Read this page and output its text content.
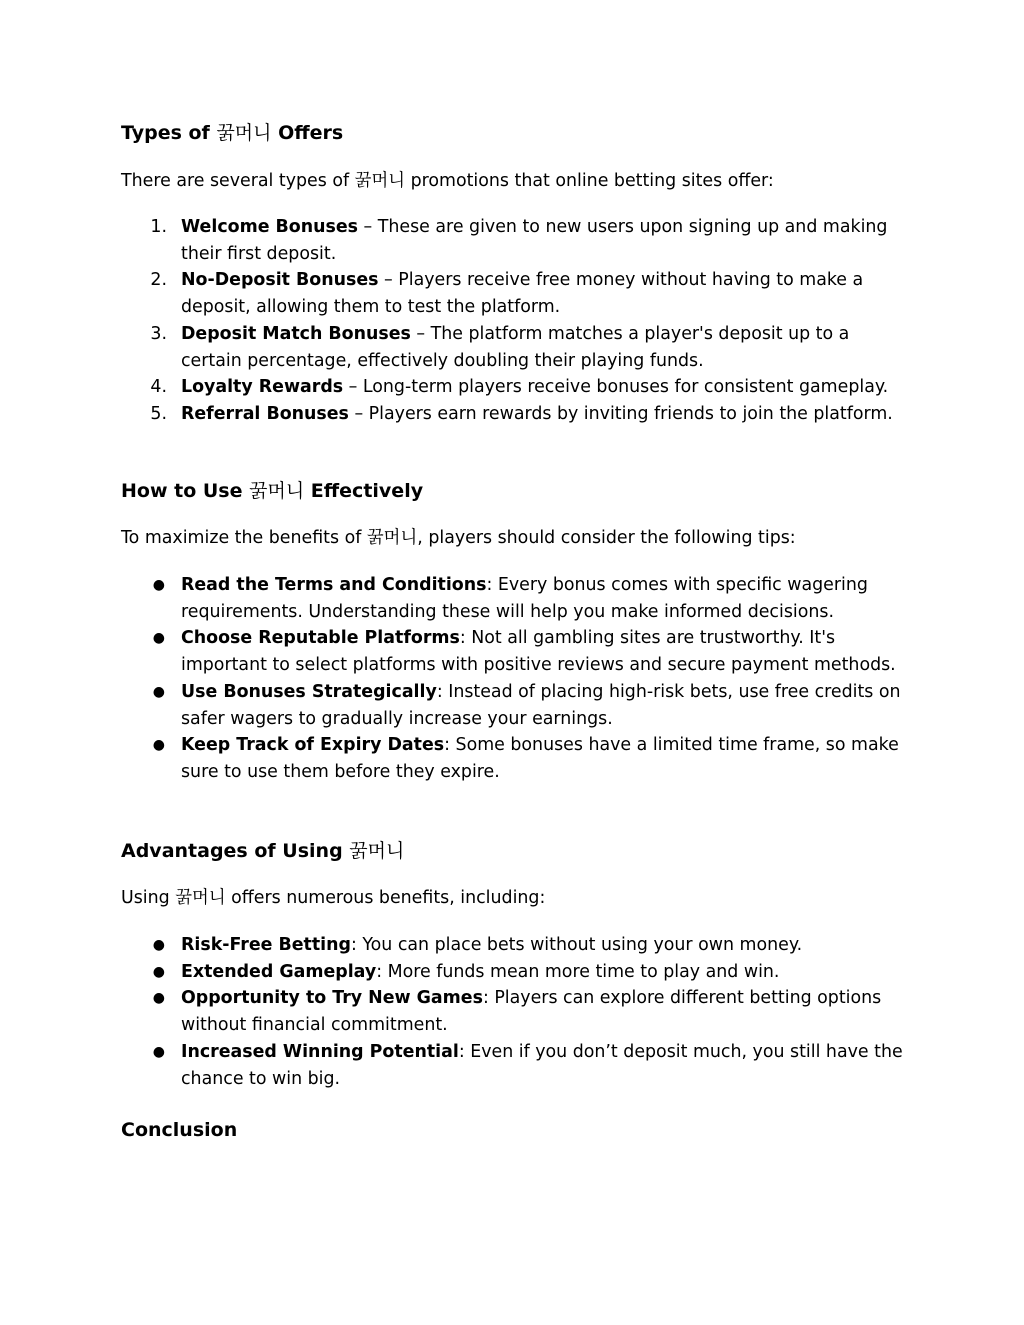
Types of 꿁머니 Offers

There are several types of 꿁머니 promotions that online betting sites offer:

1. Welcome Bonuses – These are given to new users upon signing up and making their first deposit.
2. No-Deposit Bonuses – Players receive free money without having to make a deposit, allowing them to test the platform.
3. Deposit Match Bonuses – The platform matches a player's deposit up to a certain percentage, effectively doubling their playing funds.
4. Loyalty Rewards – Long-term players receive bonuses for consistent gameplay.
5. Referral Bonuses – Players earn rewards by inviting friends to join the platform.
How to Use 꿁머니 Effectively

To maximize the benefits of 꿁머니, players should consider the following tips:

● Read the Terms and Conditions: Every bonus comes with specific wagering requirements. Understanding these will help you make informed decisions.
● Choose Reputable Platforms: Not all gambling sites are trustworthy. It's important to select platforms with positive reviews and secure payment methods.
● Use Bonuses Strategically: Instead of placing high-risk bets, use free credits on safer wagers to gradually increase your earnings.
● Keep Track of Expiry Dates: Some bonuses have a limited time frame, so make sure to use them before they expire.
Advantages of Using 꿁머니

Using 꿁머니 offers numerous benefits, including:

● Risk-Free Betting: You can place bets without using your own money.
● Extended Gameplay: More funds mean more time to play and win.
● Opportunity to Try New Games: Players can explore different betting options without financial commitment.
● Increased Winning Potential: Even if you don’t deposit much, you still have the chance to win big.
Conclusion
